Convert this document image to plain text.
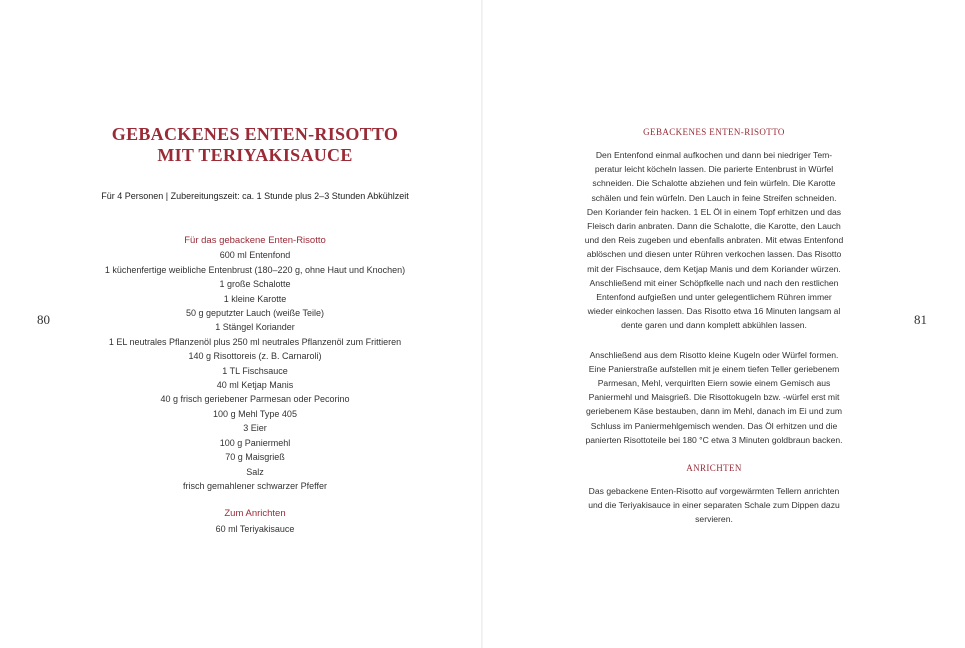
80	81
GEBACKENES ENTEN-RISOTTO
MIT TERIYAKISAUCE
Für 4 Personen | Zubereitungszeit: ca. 1 Stunde plus 2–3 Stunden Abkühlzeit
Für das gebackene Enten-Risotto
600 ml Entenfond
1 küchenfertige weibliche Entenbrust (180–220 g, ohne Haut und Knochen)
1 große Schalotte
1 kleine Karotte
50 g geputzter Lauch (weiße Teile)
1 Stängel Koriander
1 EL neutrales Pflanzenöl plus 250 ml neutrales Pflanzenöl zum Frittieren
140 g Risottoreis (z. B. Carnaroli)
1 TL Fischsauce
40 ml Ketjap Manis
40 g frisch geriebener Parmesan oder Pecorino
100 g Mehl Type 405
3 Eier
100 g Paniermehl
70 g Maisgrieß
Salz
frisch gemahlener schwarzer Pfeffer
Zum Anrichten
60 ml Teriyakisauce
GEBACKENES ENTEN-RISOTTO

Den Entenfond einmal aufkochen und dann bei niedriger Tem-
peratur leicht köcheln lassen. Die parierte Entenbrust in Würfel
schneiden. Die Schalotte abziehen und fein würfeln. Die Karotte
schälen und fein würfeln. Den Lauch in feine Streifen schneiden.
Den Koriander fein hacken. 1 EL Öl in einem Topf erhitzen und das
Fleisch darin anbraten. Dann die Schalotte, die Karotte, den Lauch
und den Reis zugeben und ebenfalls anbraten. Mit etwas Entenfond
ablöschen und diesen unter Rühren verkochen lassen. Das Risotto
mit der Fischsauce, dem Ketjap Manis und dem Koriander würzen.
Anschließend mit einer Schöpfkelle nach und nach den restlichen
Entenfond aufgießen und unter gelegentlichem Rühren immer
wieder einkochen lassen. Das Risotto etwa 16 Minuten langsam al
dente garen und dann komplett abkühlen lassen.

Anschließend aus dem Risotto kleine Kugeln oder Würfel formen.
Eine Panierstraße aufstellen mit je einem tiefen Teller geriebenem
Parmesan, Mehl, verquirlten Eiern sowie einem Gemisch aus
Paniermehl und Maisgrieß. Die Risottokugeln bzw. -würfel erst mit
geriebenem Käse bestauben, dann im Mehl, danach im Ei und zum
Schluss im Paniermehlgemisch wenden. Das Öl erhitzen und die
panierten Risottoteile bei 180 °C etwa 3 Minuten goldbraun backen.

ANRICHTEN

Das gebackene Enten-Risotto auf vorgewärmten Tellern anrichten
und die Teriyakisauce in einer separaten Schale zum Dippen dazu
servieren.
